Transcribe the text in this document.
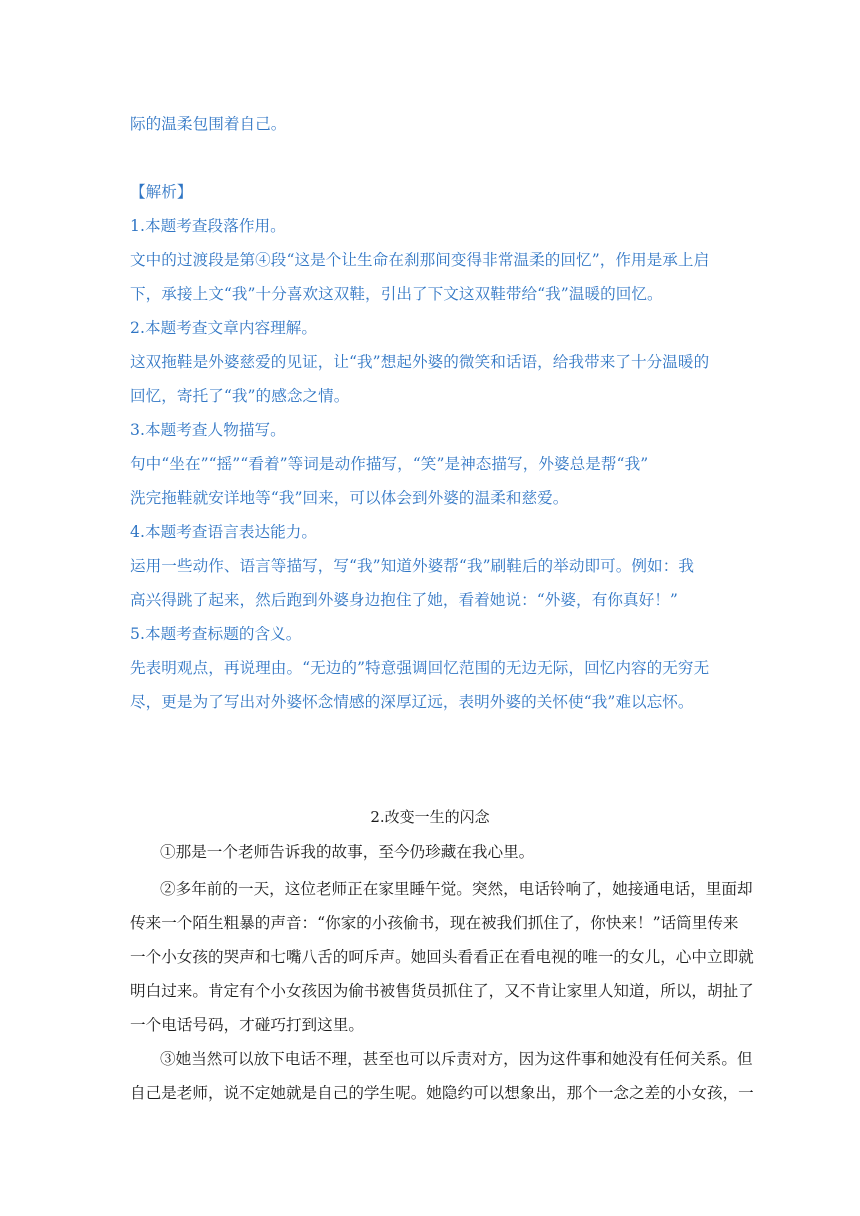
际的温柔包围着自己。
【解析】
1.本题考查段落作用。
文中的过渡段是第④段“这是个让生命在刹那间变得非常温柔的回忆”，作用是承上启
下，承接上文“我”十分喜欢这双鞋，引出了下文这双鞋带给“我”温暖的回忆。
2.本题考查文章内容理解。
这双拖鞋是外婆慈爱的见证，让“我”想起外婆的微笑和话语，给我带来了十分温暖的
回忆，寄托了“我”的感念之情。
3.本题考查人物描写。
句中“坐在”“摇”“看着”等词是动作描写，“笑”是神态描写，外婆总是帮“我”
洗完拖鞋就安详地等“我”回来，可以体会到外婆的温柔和慈爱。
4.本题考查语言表达能力。
运用一些动作、语言等描写，写“我”知道外婆帮“我”刷鞋后的举动即可。例如：我
高兴得跳了起来，然后跑到外婆身边抱住了她，看着她说：“外婆，有你真好！”
5.本题考查标题的含义。
先表明观点，再说理由。“无边的”特意强调回忆范围的无边无际，回忆内容的无穷无
尽，更是为了写出对外婆怀念情感的深厚辽远，表明外婆的关怀使“我”难以忘怀。
2.改变一生的闪念
①那是一个老师告诉我的故事，至今仍珍藏在我心里。
②多年前的一天，这位老师正在家里睡午觉。突然，电话铃响了，她接通电话，里面却
传来一个陌生粗暴的声音：“你家的小孩偷书，现在被我们抓住了，你快来！”话筒里传来
一个小女孩的哭声和七嘴八舌的呵斥声。她回头看看正在看电视的唯一的女儿，心中立即就
明白过来。肯定有个小女孩因为偷书被售货员抓住了，又不肯让家里人知道，所以，胡扯了
一个电话号码，才碰巧打到这里。
③她当然可以放下电话不理，甚至也可以斥责对方，因为这件事和她没有任何关系。但
自己是老师，说不定她就是自己的学生呢。她隐约可以想象出，那个一念之差的小女孩，一
